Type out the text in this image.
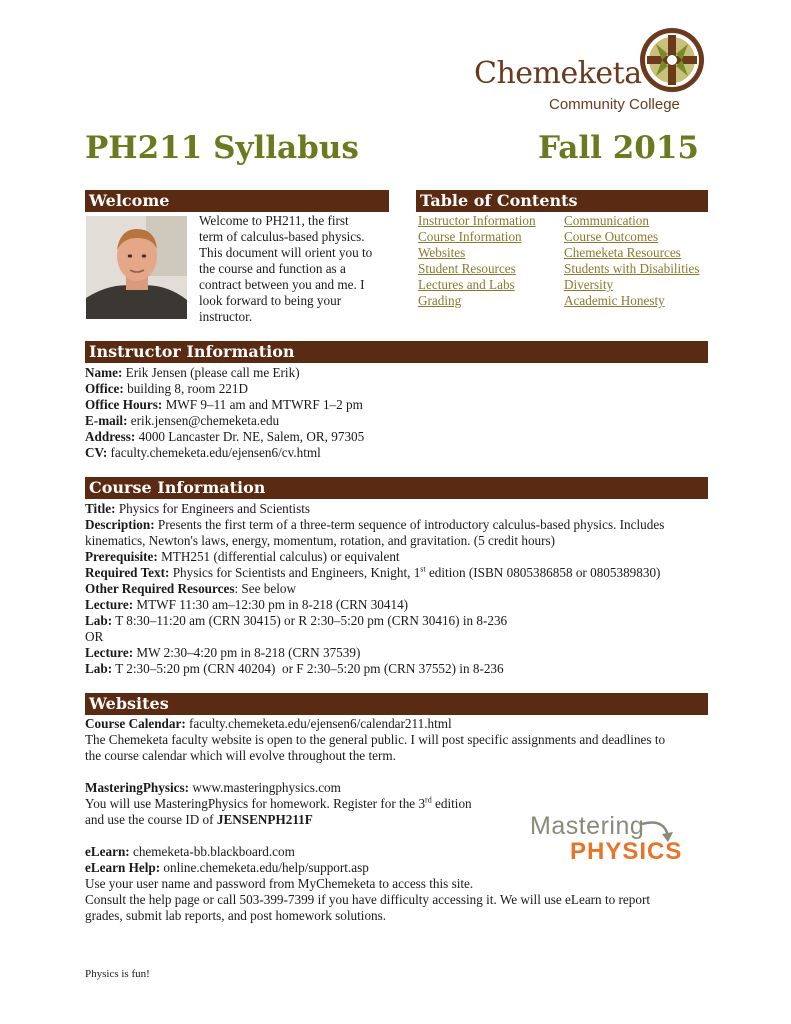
Chemeketa
Community College
PH211 Syllabus	Fall 2015
Welcome
Welcome to PH211, the first
term of calculus-based physics.
This document will orient you to
the course and function as a
contract between you and me. I
look forward to being your
instructor.
Table of Contents
Instructor Information
Course Information
Websites
Student Resources
Lectures and Labs
Grading
Communication
Course Outcomes
Chemeketa Resources
Students with Disabilities
Diversity
Academic Honesty
Instructor Information
Name: Erik Jensen (please call me Erik)
Office: building 8, room 221D
Office Hours: MWF 9–11 am and MTWRF 1–2 pm
E-mail: erik.jensen@chemeketa.edu
Address: 4000 Lancaster Dr. NE, Salem, OR, 97305
CV: faculty.chemeketa.edu/ejensen6/cv.html
Course Information
Title: Physics for Engineers and Scientists
Description: Presents the first term of a three-term sequence of introductory calculus-based physics. Includes
kinematics, Newton's laws, energy, momentum, rotation, and gravitation. (5 credit hours)
Prerequisite: MTH251 (differential calculus) or equivalent
Required Text: Physics for Scientists and Engineers, Knight, 1st edition (ISBN 0805386858 or 0805389830)
Other Required Resources: See below
Lecture: MTWF 11:30 am–12:30 pm in 8-218 (CRN 30414)
Lab: T 8:30–11:20 am (CRN 30415) or R 2:30–5:20 pm (CRN 30416) in 8-236
OR
Lecture: MW 2:30–4:20 pm in 8-218 (CRN 37539)
Lab: T 2:30–5:20 pm (CRN 40204)  or F 2:30–5:20 pm (CRN 37552) in 8-236
Websites
Course Calendar: faculty.chemeketa.edu/ejensen6/calendar211.html
The Chemeketa faculty website is open to the general public. I will post specific assignments and deadlines to
the course calendar which will evolve throughout the term.
MasteringPhysics: www.masteringphysics.com
You will use MasteringPhysics for homework. Register for the 3rd edition
and use the course ID of JENSENPH211F
eLearn: chemeketa-bb.blackboard.com
eLearn Help: online.chemeketa.edu/help/support.asp
Use your user name and password from MyChemeketa to access this site.
Consult the help page or call 503-399-7399 if you have difficulty accessing it. We will use eLearn to report
grades, submit lab reports, and post homework solutions.
Mastering
PHYSICS
Physics is fun!
